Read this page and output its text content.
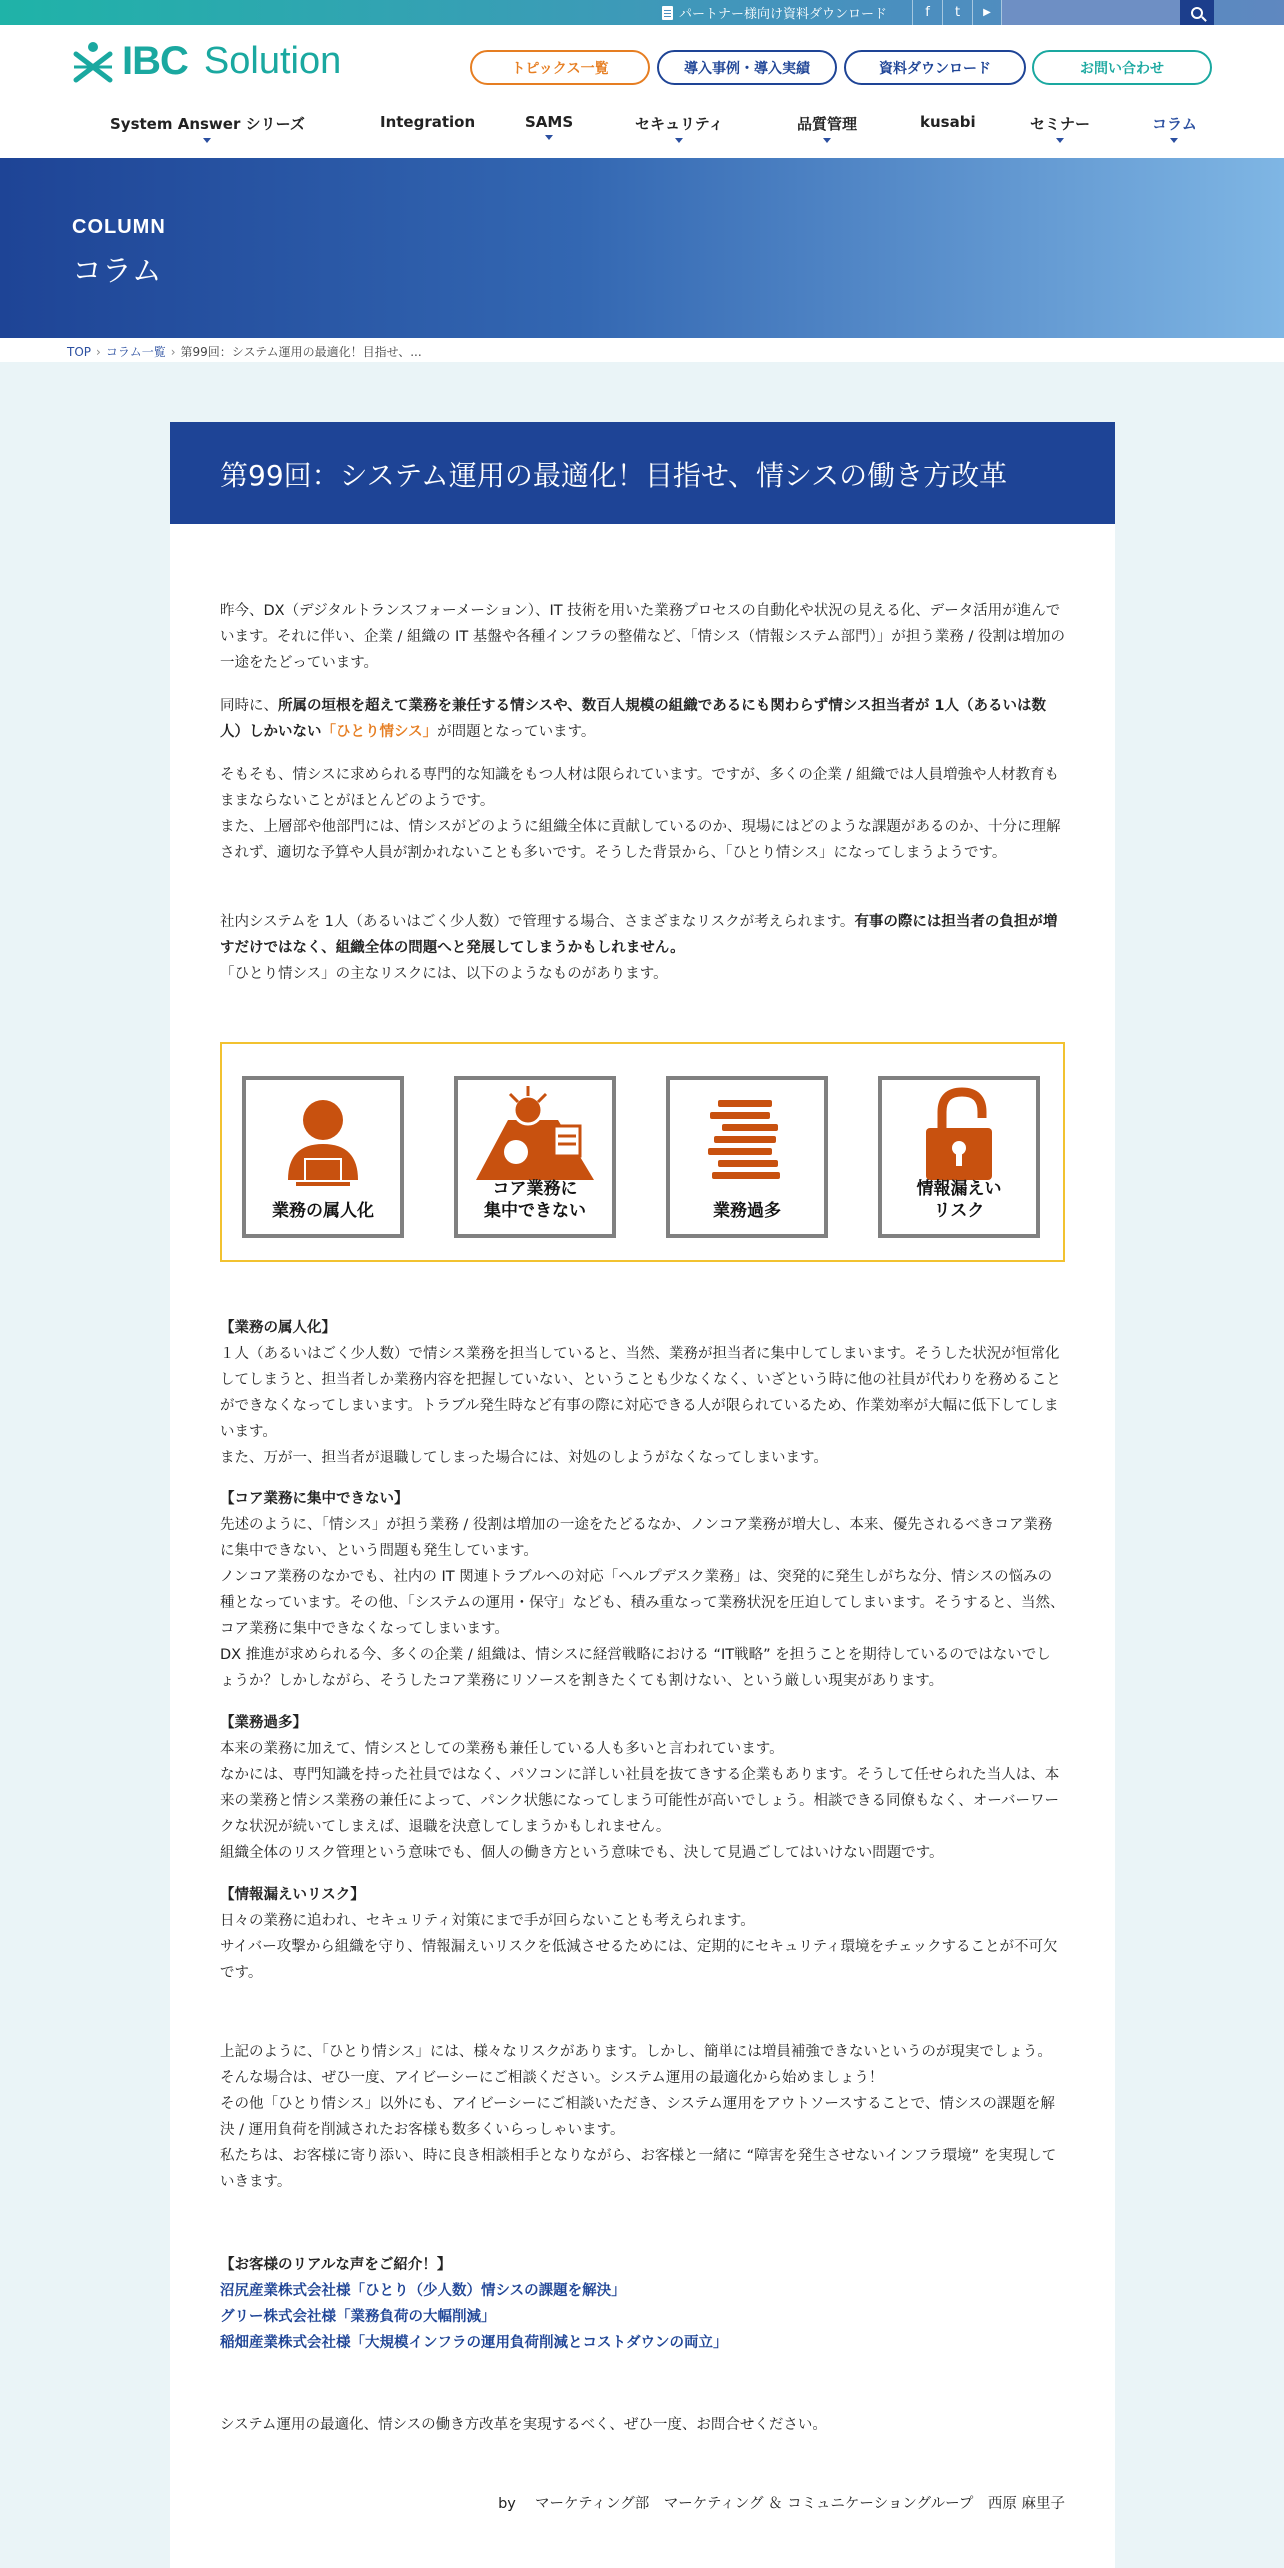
パートナー様向け資料ダウンロード	f t ▶
IBC Solution	トピックス一覧	導入事例・導入実績	資料ダウンロード	お問い合わせ
System Answer シリーズ	Integration	SAMS	セキュリティ	品質管理	kusabi	セミナー	コラム
COLUMN
コラム
TOP › コラム一覧 › 第99回：システム運用の最適化！目指せ、...
第99回：システム運用の最適化！目指せ、情シスの働き方改革

昨今、DX（デジタルトランスフォーメーション）、IT 技術を用いた業務プロセスの自動化や状況の見える化、データ活用が進んでいます。それに伴い、企業 / 組織の IT 基盤や各種インフラの整備など、「情シス（情報システム部門）」が担う業務 / 役割は増加の一途をたどっています。

同時に、所属の垣根を超えて業務を兼任する情シスや、数百人規模の組織であるにも関わらず情シス担当者が 1人（あるいは数人）しかいない「ひとり情シス」が問題となっています。

そもそも、情シスに求められる専門的な知識をもつ人材は限られています。ですが、多くの企業 / 組織では人員増強や人材教育もままならないことがほとんどのようです。

また、上層部や他部門には、情シスがどのように組織全体に貢献しているのか、現場にはどのような課題があるのか、十分に理解されず、適切な予算や人員が割かれないことも多いです。そうした背景から、「ひとり情シス」になってしまうようです。

社内システムを 1人（あるいはごく少人数）で管理する場合、さまざまなリスクが考えられます。有事の際には担当者の負担が増すだけではなく、組織全体の問題へと発展してしまうかもしれません。
「ひとり情シス」の主なリスクには、以下のようなものがあります。

業務の属人化
コア業務に
集中できない	業務過多
情報漏えい
リスク

【業務の属人化】

１人（あるいはごく少人数）で情シス業務を担当していると、当然、業務が担当者に集中してしまいます。そうした状況が恒常化してしまうと、担当者しか業務内容を把握していない、ということも少なくなく、いざという時に他の社員が代わりを務めることができなくなってしまいます。トラブル発生時など有事の際に対応できる人が限られているため、作業効率が大幅に低下してしまいます。

また、万が一、担当者が退職してしまった場合には、対処のしようがなくなってしまいます。

【コア業務に集中できない】

先述のように、「情シス」が担う業務 / 役割は増加の一途をたどるなか、ノンコア業務が増大し、本来、優先されるべきコア業務に集中できない、という問題も発生しています。

ノンコア業務のなかでも、社内の IT 関連トラブルへの対応「ヘルプデスク業務」は、突発的に発生しがちな分、情シスの悩みの種となっています。その他、「システムの運用・保守」なども、積み重なって業務状況を圧迫してしまいます。そうすると、当然、コア業務に集中できなくなってしまいます。

DX 推進が求められる今、多くの企業 / 組織は、情シスに経営戦略における “IT戦略” を担うことを期待しているのではないでしょうか？しかしながら、そうしたコア業務にリソースを割きたくても割けない、という厳しい現実があります。

【業務過多】

本来の業務に加えて、情シスとしての業務も兼任している人も多いと言われています。

なかには、専門知識を持った社員ではなく、パソコンに詳しい社員を抜てきする企業もあります。そうして任せられた当人は、本来の業務と情シス業務の兼任によって、パンク状態になってしまう可能性が高いでしょう。相談できる同僚もなく、オーバーワークな状況が続いてしまえば、退職を決意してしまうかもしれません。

組織全体のリスク管理という意味でも、個人の働き方という意味でも、決して見過ごしてはいけない問題です。

【情報漏えいリスク】

日々の業務に追われ、セキュリティ対策にまで手が回らないことも考えられます。

サイバー攻撃から組織を守り、情報漏えいリスクを低減させるためには、定期的にセキュリティ環境をチェックすることが不可欠です。

上記のように、「ひとり情シス」には、様々なリスクがあります。しかし、簡単には増員補強できないというのが現実でしょう。そんな場合は、ぜひ一度、アイビーシーにご相談ください。システム運用の最適化から始めましょう！

その他「ひとり情シス」以外にも、アイビーシーにご相談いただき、システム運用をアウトソースすることで、情シスの課題を解決 / 運用負荷を削減されたお客様も数多くいらっしゃいます。

私たちは、お客様に寄り添い、時に良き相談相手となりながら、お客様と一緒に “障害を発生させないインフラ環境” を実現していきます。

【お客様のリアルな声をご紹介！】

沼尻産業株式会社様「ひとり（少人数）情シスの課題を解決」
グリー株式会社様「業務負荷の大幅削減」
稲畑産業株式会社様「大規模インフラの運用負荷削減とコストダウンの両立」

システム運用の最適化、情シスの働き方改革を実現するべく、ぜひ一度、お問合せください。

by　 マーケティング部　マーケティング ＆ コミュニケーショングループ　西原 麻里子
